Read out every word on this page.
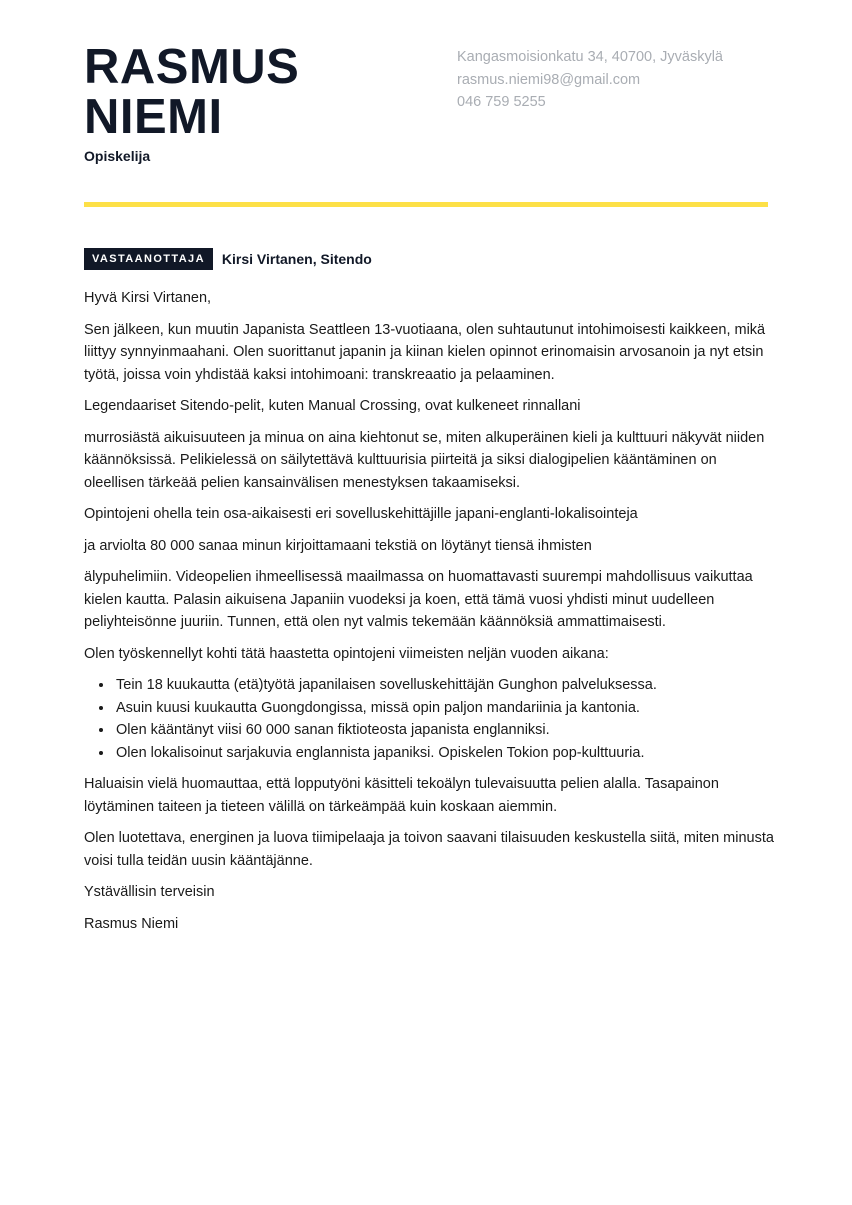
RASMUS
NIEMI
Opiskelija
Kangasmoisionkatu 34, 40700, Jyväskylä
rasmus.niemi98@gmail.com
046 759 5255
VASTAANOTTAJA	Kirsi Virtanen, Sitendo

Hyvä Kirsi Virtanen,

Sen jälkeen, kun muutin Japanista Seattleen 13-vuotiaana, olen suhtautunut intohimoisesti kaikkeen, mikä liittyy synnyinmaahani. Olen suorittanut japanin ja kiinan kielen opinnot erinomaisin arvosanoin ja nyt etsin työtä, joissa voin yhdistää kaksi intohimoani: transkreaatio ja pelaaminen.

Legendaariset Sitendo-pelit, kuten Manual Crossing, ovat kulkeneet rinnallani

murrosiästä aikuisuuteen ja minua on aina kiehtonut se, miten alkuperäinen kieli ja kulttuuri näkyvät niiden käännöksissä. Pelikielessä on säilytettävä kulttuurisia piirteitä ja siksi dialogipelien kääntäminen on oleellisen tärkeää pelien kansainvälisen menestyksen takaamiseksi.

Opintojeni ohella tein osa-aikaisesti eri sovelluskehittäjille japani-englanti-lokalisointeja

ja arviolta 80 000 sanaa minun kirjoittamaani tekstiä on löytänyt tiensä ihmisten

älypuhelimiin. Videopelien ihmeellisessä maailmassa on huomattavasti suurempi mahdollisuus vaikuttaa kielen kautta. Palasin aikuisena Japaniin vuodeksi ja koen, että tämä vuosi yhdisti minut uudelleen peliyhteisönne juuriin. Tunnen, että olen nyt valmis tekemään käännöksiä ammattimaisesti.

Olen työskennellyt kohti tätä haastetta opintojeni viimeisten neljän vuoden aikana:

• Tein 18 kuukautta (etä)työtä japanilaisen sovelluskehittäjän Gunghon palveluksessa.
• Asuin kuusi kuukautta Guongdongissa, missä opin paljon mandariinia ja kantonia.
• Olen kääntänyt viisi 60 000 sanan fiktioteosta japanista englanniksi.
• Olen lokalisoinut sarjakuvia englannista japaniksi. Opiskelen Tokion pop-kulttuuria.

Haluaisin vielä huomauttaa, että lopputyöni käsitteli tekoälyn tulevaisuutta pelien alalla. Tasapainon löytäminen taiteen ja tieteen välillä on tärkeämpää kuin koskaan aiemmin.

Olen luotettava, energinen ja luova tiimipelaaja ja toivon saavani tilaisuuden keskustella siitä, miten minusta voisi tulla teidän uusin kääntäjänne.

Ystävällisin terveisin

Rasmus Niemi
